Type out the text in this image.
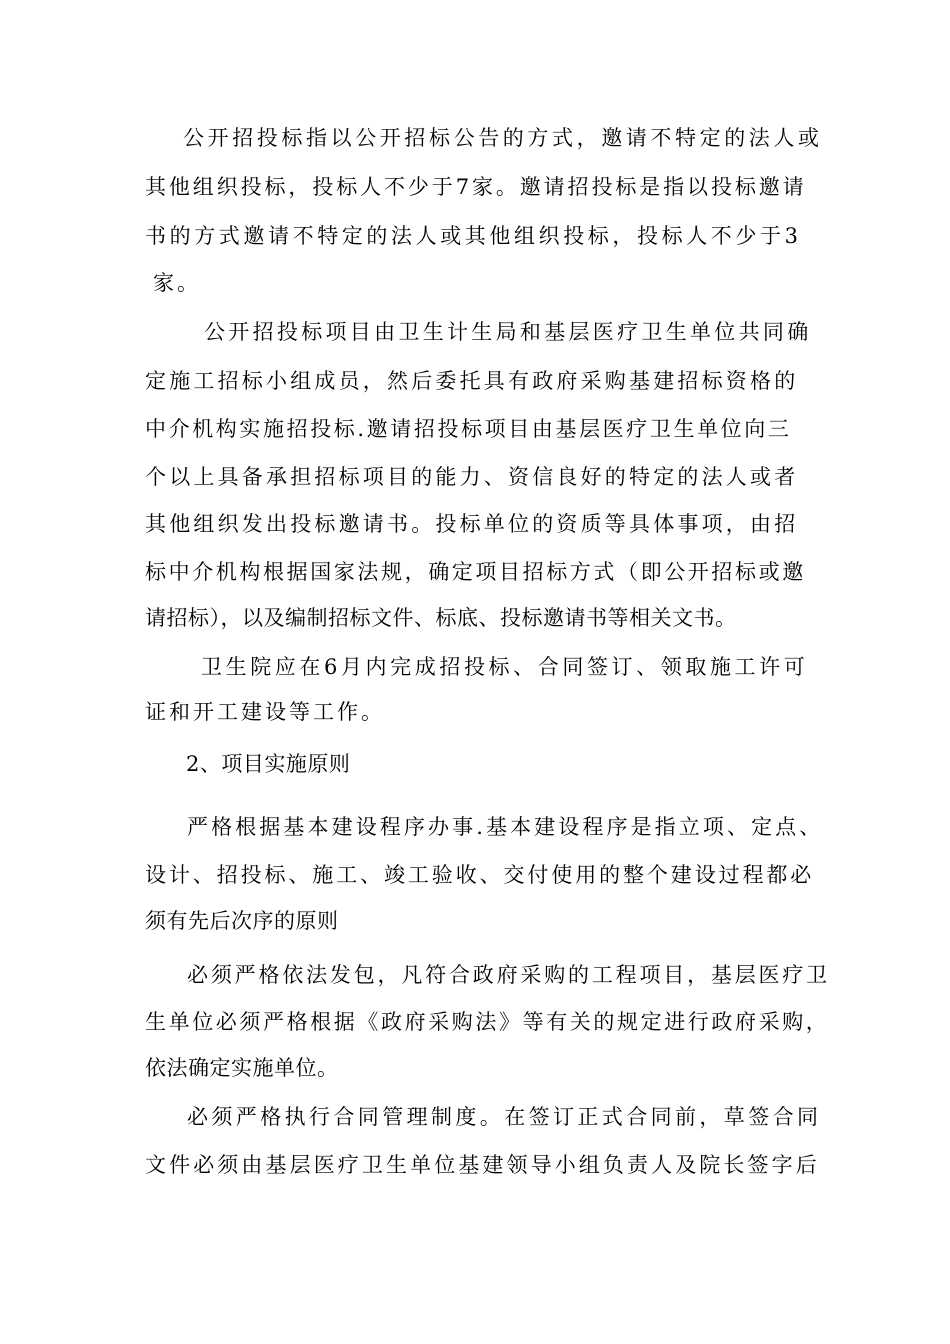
公开招投标指以公开招标公告的方式，邀请不特定的法人或
其他组织投标，投标人不少于7家。邀请招投标是指以投标邀请
书的方式邀请不特定的法人或其他组织投标，投标人不少于3
家。
公开招投标项目由卫生计生局和基层医疗卫生单位共同确
定施工招标小组成员，然后委托具有政府采购基建招标资格的
中介机构实施招投标.邀请招投标项目由基层医疗卫生单位向三
个以上具备承担招标项目的能力、资信良好的特定的法人或者
其他组织发出投标邀请书。投标单位的资质等具体事项，由招
标中介机构根据国家法规，确定项目招标方式（即公开招标或邀
请招标），以及编制招标文件、标底、投标邀请书等相关文书。
卫生院应在6月内完成招投标、合同签订、领取施工许可
证和开工建设等工作。
2、项目实施原则
严格根据基本建设程序办事.基本建设程序是指立项、定点、
设计、招投标、施工、竣工验收、交付使用的整个建设过程都必
须有先后次序的原则
必须严格依法发包，凡符合政府采购的工程项目，基层医疗卫
生单位必须严格根据《政府采购法》等有关的规定进行政府采购，
依法确定实施单位。
必须严格执行合同管理制度。在签订正式合同前，草签合同
文件必须由基层医疗卫生单位基建领导小组负责人及院长签字后
